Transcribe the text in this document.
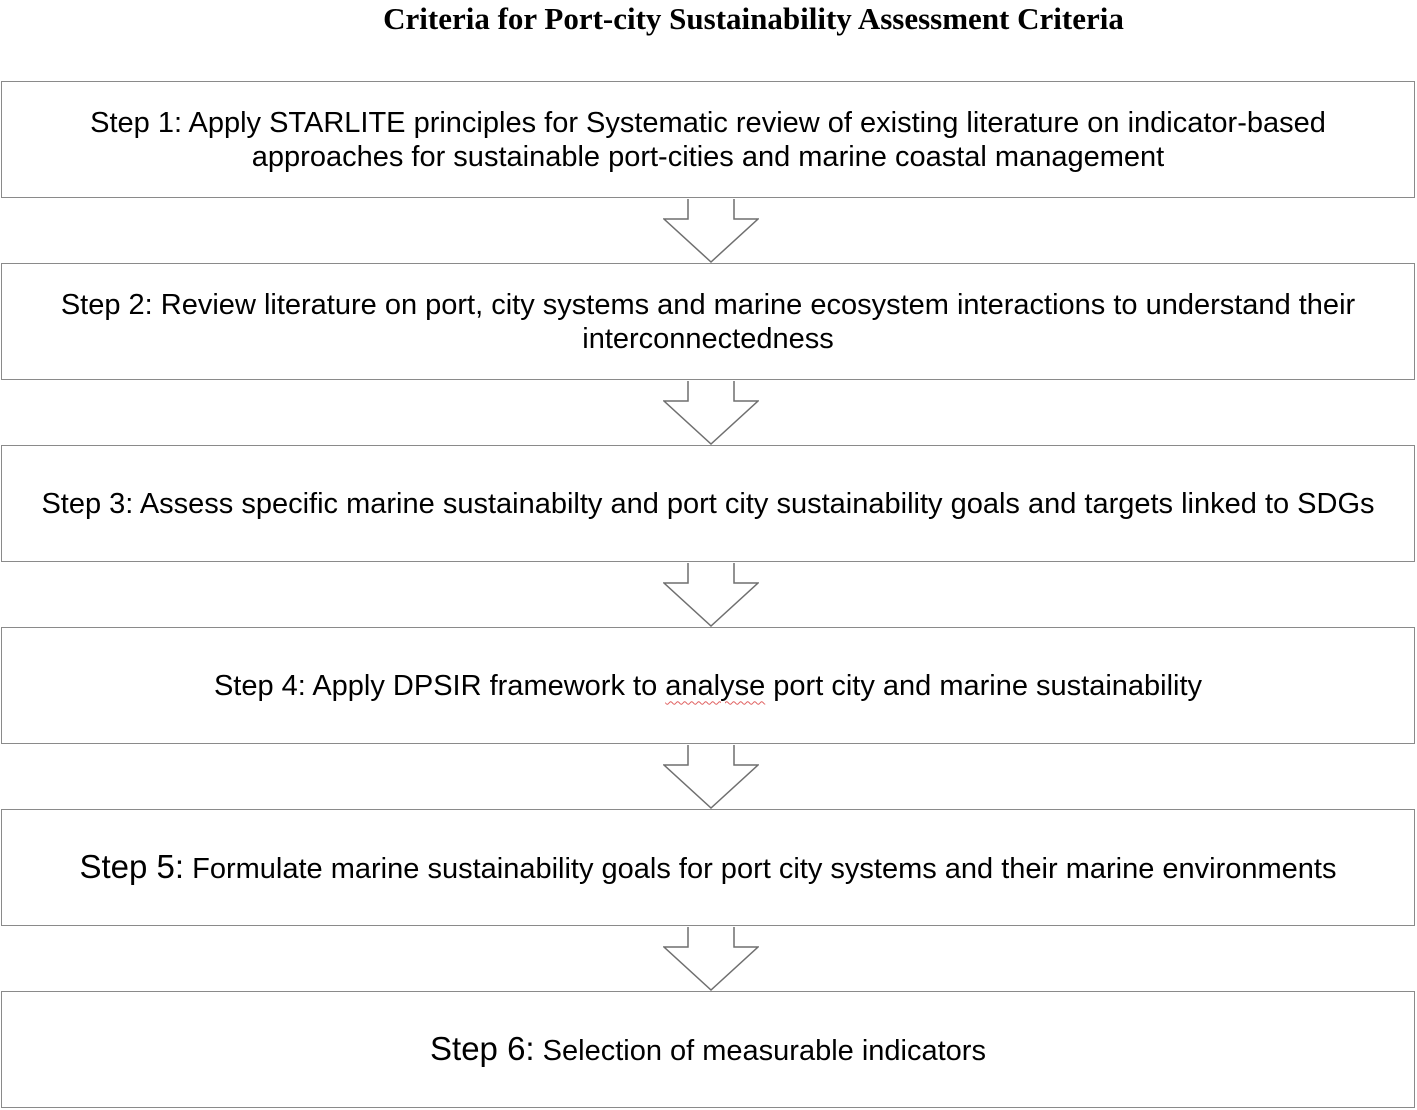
Criteria for Port-city Sustainability Assessment Criteria
Step 1: Apply STARLITE principles for Systematic review of existing literature on indicator-based approaches for sustainable port-cities and marine coastal management
Step 2: Review literature on port, city systems and marine ecosystem interactions to understand their interconnectedness
Step 3: Assess specific marine sustainabilty and port city sustainability goals and targets linked to SDGs
Step 4: Apply DPSIR framework to analyse port city and marine sustainability
Step 5: Formulate marine sustainability goals for port city systems and their marine environments
Step 6: Selection of measurable indicators
